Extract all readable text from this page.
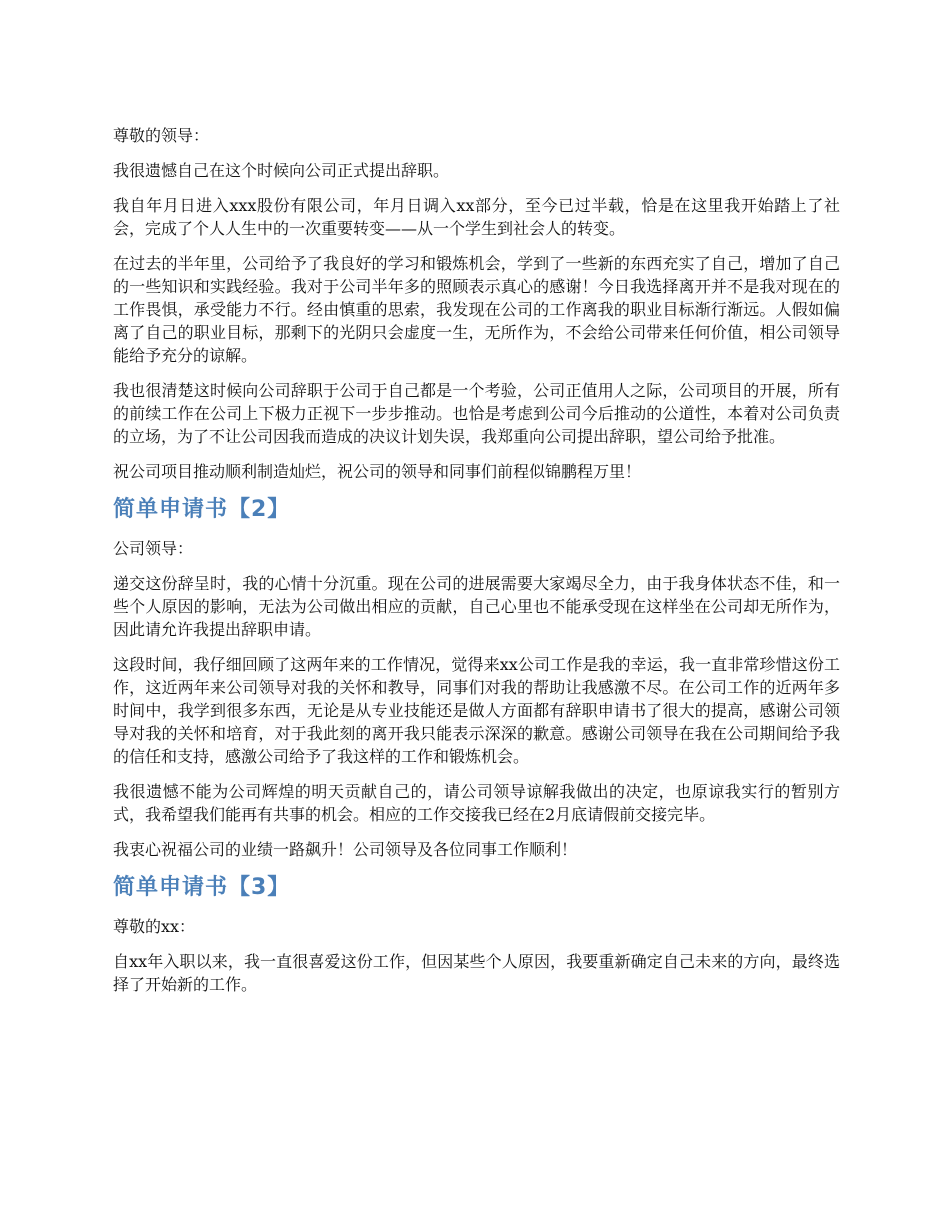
尊敬的领导：

我很遗憾自己在这个时候向公司正式提出辞职。

我自年月日进入xxx股份有限公司，年月日调入xx部分，至今已过半载，恰是在这里我开始踏上了社会，完成了个人人生中的一次重要转变——从一个学生到社会人的转变。

在过去的半年里，公司给予了我良好的学习和锻炼机会，学到了一些新的东西充实了自己，增加了自己的一些知识和实践经验。我对于公司半年多的照顾表示真心的感谢！今日我选择离开并不是我对现在的工作畏惧，承受能力不行。经由慎重的思索，我发现在公司的工作离我的职业目标渐行渐远。人假如偏离了自己的职业目标，那剩下的光阴只会虚度一生，无所作为，不会给公司带来任何价值，相公司领导能给予充分的谅解。

我也很清楚这时候向公司辞职于公司于自己都是一个考验，公司正值用人之际，公司项目的开展，所有的前续工作在公司上下极力正视下一步步推动。也恰是考虑到公司今后推动的公道性，本着对公司负责的立场，为了不让公司因我而造成的决议计划失误，我郑重向公司提出辞职，望公司给予批准。

祝公司项目推动顺利制造灿烂，祝公司的领导和同事们前程似锦鹏程万里！

简单申请书【2】

公司领导：

递交这份辞呈时，我的心情十分沉重。现在公司的进展需要大家竭尽全力，由于我身体状态不佳，和一些个人原因的影响，无法为公司做出相应的贡献，自己心里也不能承受现在这样坐在公司却无所作为，因此请允许我提出辞职申请。

这段时间，我仔细回顾了这两年来的工作情况，觉得来xx公司工作是我的幸运，我一直非常珍惜这份工作，这近两年来公司领导对我的关怀和教导，同事们对我的帮助让我感激不尽。在公司工作的近两年多时间中，我学到很多东西，无论是从专业技能还是做人方面都有辞职申请书了很大的提高，感谢公司领导对我的关怀和培育，对于我此刻的离开我只能表示深深的歉意。感谢公司领导在我在公司期间给予我的信任和支持，感激公司给予了我这样的工作和锻炼机会。

我很遗憾不能为公司辉煌的明天贡献自己的，请公司领导谅解我做出的决定，也原谅我实行的暂别方式，我希望我们能再有共事的机会。相应的工作交接我已经在2月底请假前交接完毕。

我衷心祝福公司的业绩一路飙升！公司领导及各位同事工作顺利！

简单申请书【3】

尊敬的xx：

自xx年入职以来，我一直很喜爱这份工作，但因某些个人原因，我要重新确定自己未来的方向，最终选择了开始新的工作。
